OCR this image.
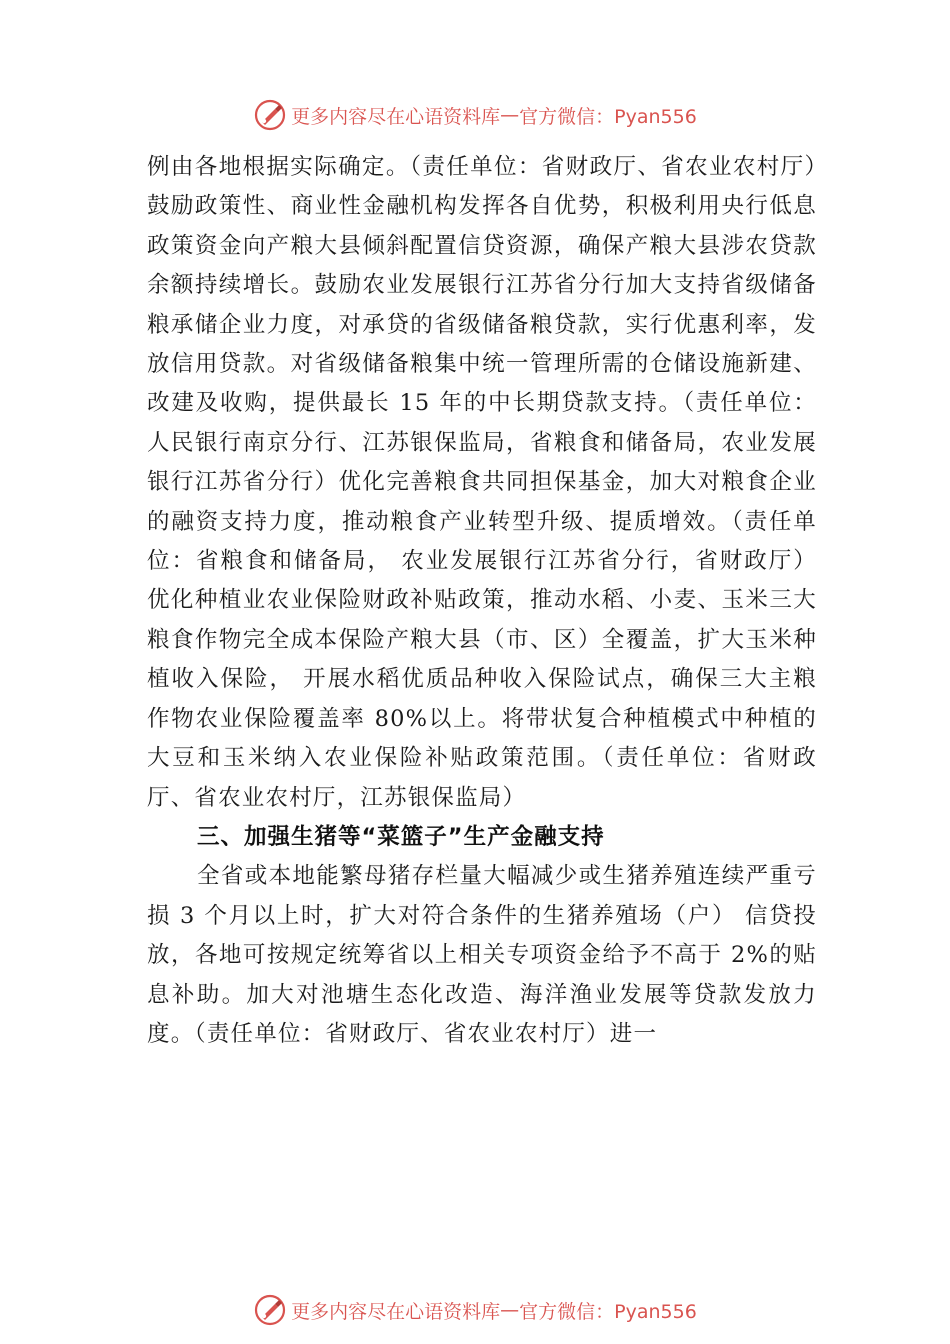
更多内容尽在心语资料库 — 官方微信：Pyan556

例由各地根据实际确定。（责任单位：省财政厅、省农业农村厅）鼓励政策性、商业性金融机构发挥各自优势，积极利用央行低息政策资金向产粮大县倾斜配置信贷资源，确保产粮大县涉农贷款余额持续增长。鼓励农业发展银行江苏省分行加大支持省级储备粮承储企业力度，对承贷的省级储备粮贷款，实行优惠利率，发放信用贷款。对省级储备粮集中统一管理所需的仓储设施新建、改建及收购，提供最长 15 年的中长期贷款支持。（责任单位：人民银行南京分行、江苏银保监局，省粮食和储备局，农业发展银行江苏省分行）优化完善粮食共同担保基金，加大对粮食企业的融资支持力度，推动粮食产业转型升级、提质增效。（责任单位：省粮食和储备局， 农业发展银行江苏省分行，省财政厅）优化种植业农业保险财政补贴政策，推动水稻、小麦、玉米三大粮食作物完全成本保险产粮大县（市、区）全覆盖，扩大玉米种植收入保险， 开展水稻优质品种收入保险试点，确保三大主粮作物农业保险覆盖率 80%以上。将带状复合种植模式中种植的大豆和玉米纳入农业保险补贴政策范围。（责任单位：省财政厅、省农业农村厅，江苏银保监局）

三、加强生猪等“菜篮子”生产金融支持

全省或本地能繁母猪存栏量大幅减少或生猪养殖连续严重亏损 3 个月以上时，扩大对符合条件的生猪养殖场（户） 信贷投放，各地可按规定统筹省以上相关专项资金给予不高于 2%的贴息补助。加大对池塘生态化改造、海洋渔业发展等贷款发放力度。（责任单位：省财政厅、省农业农村厅）进一

更多内容尽在心语资料库 — 官方微信：Pyan556
